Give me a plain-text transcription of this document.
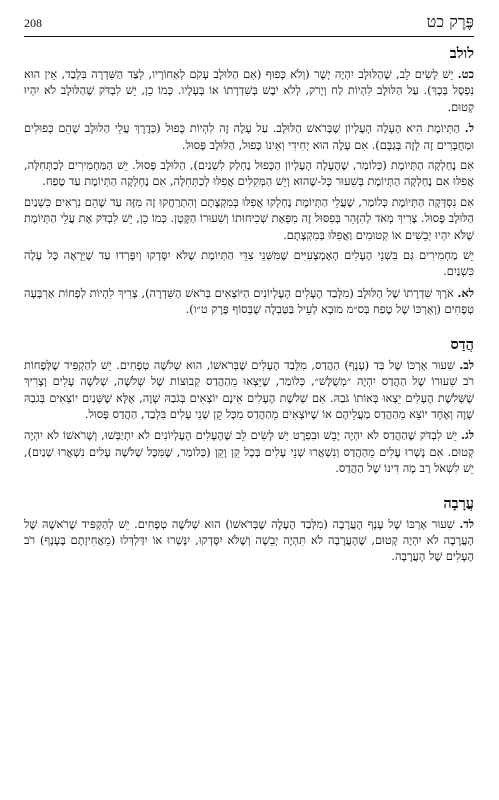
208	פֶּרֶק כט
לולב

כט. יֵשׁ לָשִׂים לֵב, שֶׁהַלּוּלָב יִהְיֶה יָשָׁר (וְלֹא כָּפוּף (אִם הַלּוּלָב עָקֹם לְאַחוֹרָיו, לְצַד הַשִּׁדְרָה בִּלְבַד, אֵין הוּא נִפְסָל בְּכָךְ). עַל הַלּוּלָב לִהְיוֹת לַח וְיָרֹק, לְלֹא יֹבֶשׁ בְּשִׁדְרָתוֹ אוֹ בְּעָלָיו. כְּמוֹ כֵן, יֵשׁ לִבְדֹּק שֶׁהַלּוּלָב לֹא יִהְיוּ קְטוּם.

ל. הַתְּיוֹמֶת הִיא הֶעָלֶה הָעֶלְיוֹן שֶׁבְּרֹאשׁ הַלּוּלָב. עַל עָלֶה זֶה לִהְיוֹת כָּפוּל (כְּדֶרֶךְ עֲלֵי הַלּוּלָב שֶׁהֵם כְּפוּלִים וּמְחֻבָּרִים זֶה לָזֶה בְּגַבָּם). אִם עָלֶה הוּא יְחִידִי וְאֵינוֹ כָּפוּל, הַלּוּלָב פָּסוּל.

אִם נֶחְלְקָה הַתְּיוֹמֶת (כְּלוֹמַר, שֶׁהֶעָלֶה הָעֶלְיוֹן הַכָּפוּל נֶחְלַק לִשְׁנַיִם), הַלּוּלָב פָּסוּל. יֵשׁ הַמַּחְמִירִים לְכַתְּחִלָּה, אֲפִלּוּ אִם נֶחְלְקָה הַתְּיוֹמֶת בְּשִׁעוּר כָּל-שֶׁהוּא וְיֵשׁ הַמְּקִלִּים אֲפִלּוּ לְכַתְּחִלָּה, אִם נֶחְלְקָה הַתְּיוֹמֶת עַד טֶפַח.

אִם נִסְדְּקָה הַתְּיוֹמֶת כְּלוֹמַר, שֶׁעֲלֵי הַתְּיוֹמֶת נֶחְלְקוּ אֲפִלּוּ בְּמִקְצָתָם וְהִתְרַחֲקוּ זֶה מִזֶּה עַד שֶׁהֵם נִרְאִים כִּשְׁנַיִם הַלּוּלָב פָּסוּל. צָרִיךְ מְאֹד לְהִזָּהֵר בְּפִסּוּל זֶה מִפְּאַת שְׁכִיחוּתוֹ וְשִׁעוּרוֹ הַקָּטָן. כְּמוֹ כֵן, יֵשׁ לִבְדֹּק אֶת עֲלֵי הַתְּיוֹמֶת שֶׁלֹּא יִהְיוּ יְבֵשִׁים אוֹ קְטוּמִים וַאֲפִלּוּ בְּמִקְצָתָם.

יֵשׁ מַחְמִירִים גַּם בִּשְׁנֵי הֶעָלִים הָאֶמְצָעִיִּים שֶׁמִּשְּׁנֵי צִדֵּי הַתְּיוֹמֶת שֶׁלֹּא יִסָּדְקוּ וְיִפָּרְדוּ עַד שֶׁיֵּרָאֶה כָּל עָלֶה כִּשְׁנַיִם.

לא. אֹרֶךְ שִׁדְרָתוֹ שֶׁל הַלּוּלָב (מִלְּבַד הֶעָלִים הָעֶלְיוֹנִים הַיּוֹצְאִים בְּרֹאשׁ הַשִּׁדְרָה), צָרִיךְ לִהְיוֹת לְפָחוֹת אַרְבָּעָה טְפָחִים (וְאָרְכּוֹ שֶׁל טֶפַח בְּס״מ מוּבָא לְעֵיל בַּטַּבְלָה שֶׁבְּסוֹף פֶּרֶק ט״ו).

הֲדַס

לב. שִׁעוּר אָרְכּוֹ שֶׁל בַּד (עָנָף) הַהֲדַס, מִלְּבַד הֶעָלִים שֶׁבְּרֹאשׁוֹ, הוּא שְׁלֹשָׁה טְפָחִים. יֵשׁ לְהַקְפִּיד שֶׁלְּפָחוֹת רֹב שִׁעוּרוֹ שֶׁל הַהֲדַס יִהְיֶה ״מְשֻׁלָּשׁ״, כְּלוֹמַר, שֶׁיֵּצְאוּ מֵהַהֲדַס קְבוּצוֹת שֶׁל שְׁלֹשָׁה, שְׁלֹשָׁה עָלִים וְצָרִיךְ שֶׁשְּׁלֹשֶׁת הֶעָלִים יֵצְאוּ בְּאוֹתוֹ גֹּבַהּ. אִם שְׁלֹשֶׁת הֶעָלִים אֵינָם יוֹצְאִים בְּגֹבַהּ שָׁוֶה, אֶלָּא שֶׁשְּׁנַיִם יוֹצְאִים בְּגֹבַהּ שָׁוֶה וְאֶחָד יוֹצֵא מֵהַהֲדַס מַעֲלֵיהֶם אוֹ שֶׁיּוֹצְאִים מֵהַהֲדַס מִכָּל קֵן שְׁנֵי עָלִים בִּלְבַד, הַהֲדַס פָּסוּל.

לג. יֵשׁ לִבְדֹּק שֶׁהַהֲדַס לֹא יִהְיֶה יָבֵשׁ וּבִפְרָט יֵשׁ לָשִׂים לֵב שֶׁהֶעָלִים הָעֶלְיוֹנִים לֹא יִתְיַבְּשׁוּ, וְשֶׁרֹאשׁוֹ לֹא יִהְיֶה קְטוּם. אִם נָשְׁרוּ עָלִים מֵהַהֲדַס וְנִשְׁאֲרוּ שְׁנֵי עָלִים בְּכָל קֵן וָקֵן (כְּלוֹמַר, שֶׁמִּכָּל שְׁלֹשָׁה עָלִים נִשְׁאֲרוּ שְׁנַיִם), יֵשׁ לִשְׁאֹל רַב מָה דִּינוֹ שֶׁל הַהֲדַס.

עֲרָבָה

לד. שִׁעוּר אָרְכּוֹ שֶׁל עָנָף הָעֲרָבָה (מִלְּבַד הֶעָלֶה שֶׁבְּרֹאשׁוֹ) הוּא שְׁלֹשָׁה טְפָחִים. יֵשׁ לְהַקְפִּיד שֶׁרֹאשָׁהּ שֶׁל הָעֲרָבָה לֹא יִהְיֶה קָטוּם, שֶׁהָעֲרָבָה לֹא תִּהְיֶה יְבֵשָׁה וְשֶׁלֹּא יִסָּדְקוּ, יִנָּשְׁרוּ אוֹ יִדַּלְדְּלוּ (מֵאֲחִיזָתָם בֶּעָנָף) רֹב הֶעָלִים שֶׁל הָעֲרָבָה.
